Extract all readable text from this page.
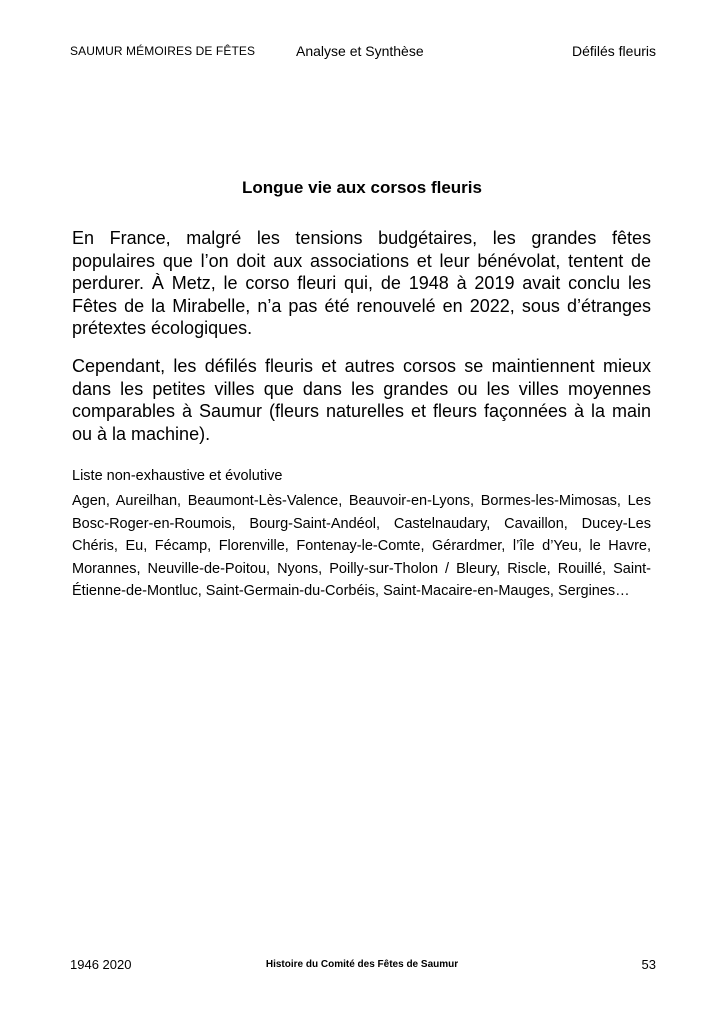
SAUMUR MÉMOIRES DE FÊTES	Analyse et Synthèse	Défilés fleuris
Longue vie aux corsos fleuris

En France, malgré les tensions budgétaires, les grandes fêtes populaires que l’on doit aux associations et leur bénévolat, tentent de perdurer. À Metz, le corso fleuri qui, de 1948 à 2019 avait conclu les Fêtes de la Mirabelle, n’a pas été renouvelé en 2022, sous d’étranges prétextes écologiques.

Cependant, les défilés fleuris et autres corsos se maintiennent mieux dans les petites villes que dans les grandes ou les villes moyennes comparables à Saumur (fleurs naturelles et fleurs façonnées à la main ou à la machine).

Liste non-exhaustive et évolutive

Agen, Aureilhan, Beaumont-Lès-Valence, Beauvoir-en-Lyons, Bormes-les-Mimosas, Les Bosc-Roger-en-Roumois, Bourg-Saint-Andéol, Castelnaudary, Cavaillon, Ducey-Les Chéris, Eu, Fécamp, Florenville, Fontenay-le-Comte, Gérardmer, l’île d’Yeu, le Havre, Morannes, Neuville-de-Poitou, Nyons, Poilly-sur-Tholon / Bleury, Riscle, Rouillé, Saint-Étienne-de-Montluc, Saint-Germain-du-Corbéis, Saint-Macaire-en-Mauges, Sergines…

1946 2020	Histoire du Comité des Fêtes de Saumur	53
